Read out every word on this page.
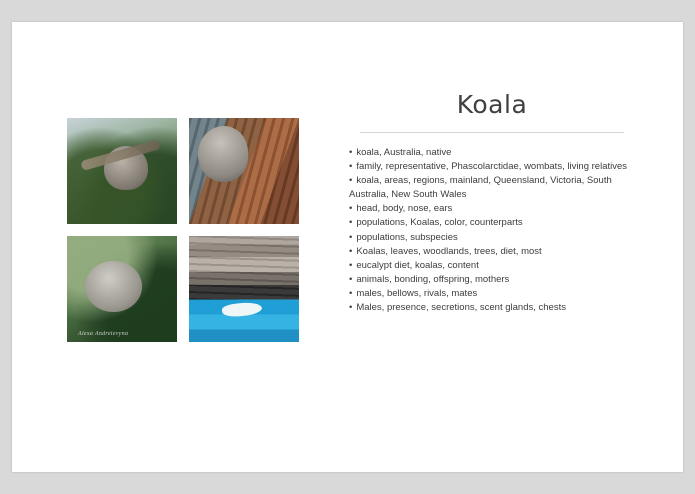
Alexa Andreievyna
Koala
• koala, Australia, native
• family, representative, Phascolarctidae, wombats, living relatives
• koala, areas, regions, mainland, Queensland, Victoria, South Australia, New South Wales
• head, body, nose, ears
• populations, Koalas, color, counterparts
• populations, subspecies
• Koalas, leaves, woodlands, trees, diet, most
• eucalypt diet, koalas, content
• animals, bonding, offspring, mothers
• males, bellows, rivals, mates
• Males, presence, secretions, scent glands, chests
